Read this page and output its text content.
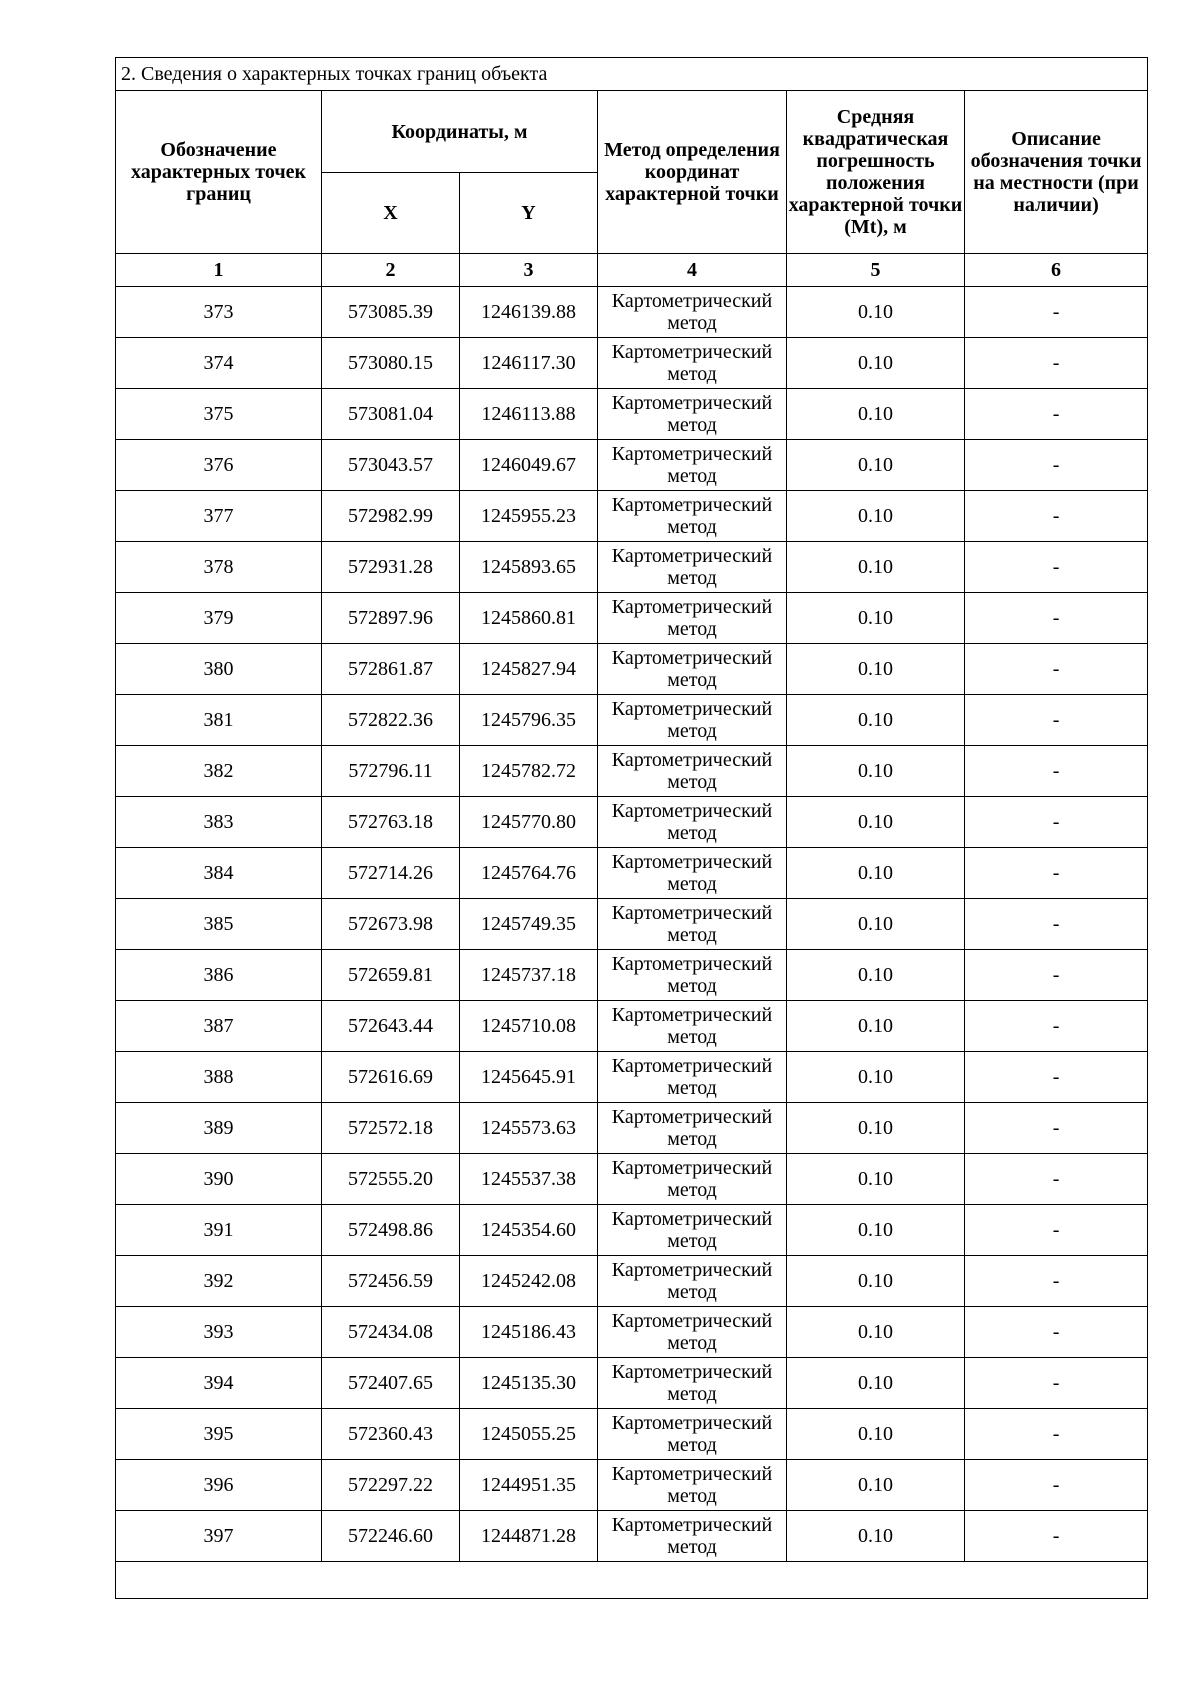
2. Сведения о характерных точках границ объекта					
Обозначение характерных точек границ	Координаты, м		Метод определения координат характерной точки	Средняя квадратическая погрешность положения характерной точки (Mt), м	Описание обозначения точки на местности (при наличии)
	X	Y			
1	2	3	4	5	6
373	573085.39	1246139.88	Картометрический метод	0.10	-
374	573080.15	1246117.30	Картометрический метод	0.10	-
375	573081.04	1246113.88	Картометрический метод	0.10	-
376	573043.57	1246049.67	Картометрический метод	0.10	-
377	572982.99	1245955.23	Картометрический метод	0.10	-
378	572931.28	1245893.65	Картометрический метод	0.10	-
379	572897.96	1245860.81	Картометрический метод	0.10	-
380	572861.87	1245827.94	Картометрический метод	0.10	-
381	572822.36	1245796.35	Картометрический метод	0.10	-
382	572796.11	1245782.72	Картометрический метод	0.10	-
383	572763.18	1245770.80	Картометрический метод	0.10	-
384	572714.26	1245764.76	Картометрический метод	0.10	-
385	572673.98	1245749.35	Картометрический метод	0.10	-
386	572659.81	1245737.18	Картометрический метод	0.10	-
387	572643.44	1245710.08	Картометрический метод	0.10	-
388	572616.69	1245645.91	Картометрический метод	0.10	-
389	572572.18	1245573.63	Картометрический метод	0.10	-
390	572555.20	1245537.38	Картометрический метод	0.10	-
391	572498.86	1245354.60	Картометрический метод	0.10	-
392	572456.59	1245242.08	Картометрический метод	0.10	-
393	572434.08	1245186.43	Картометрический метод	0.10	-
394	572407.65	1245135.30	Картометрический метод	0.10	-
395	572360.43	1245055.25	Картометрический метод	0.10	-
396	572297.22	1244951.35	Картометрический метод	0.10	-
397	572246.60	1244871.28	Картометрический метод	0.10	-
